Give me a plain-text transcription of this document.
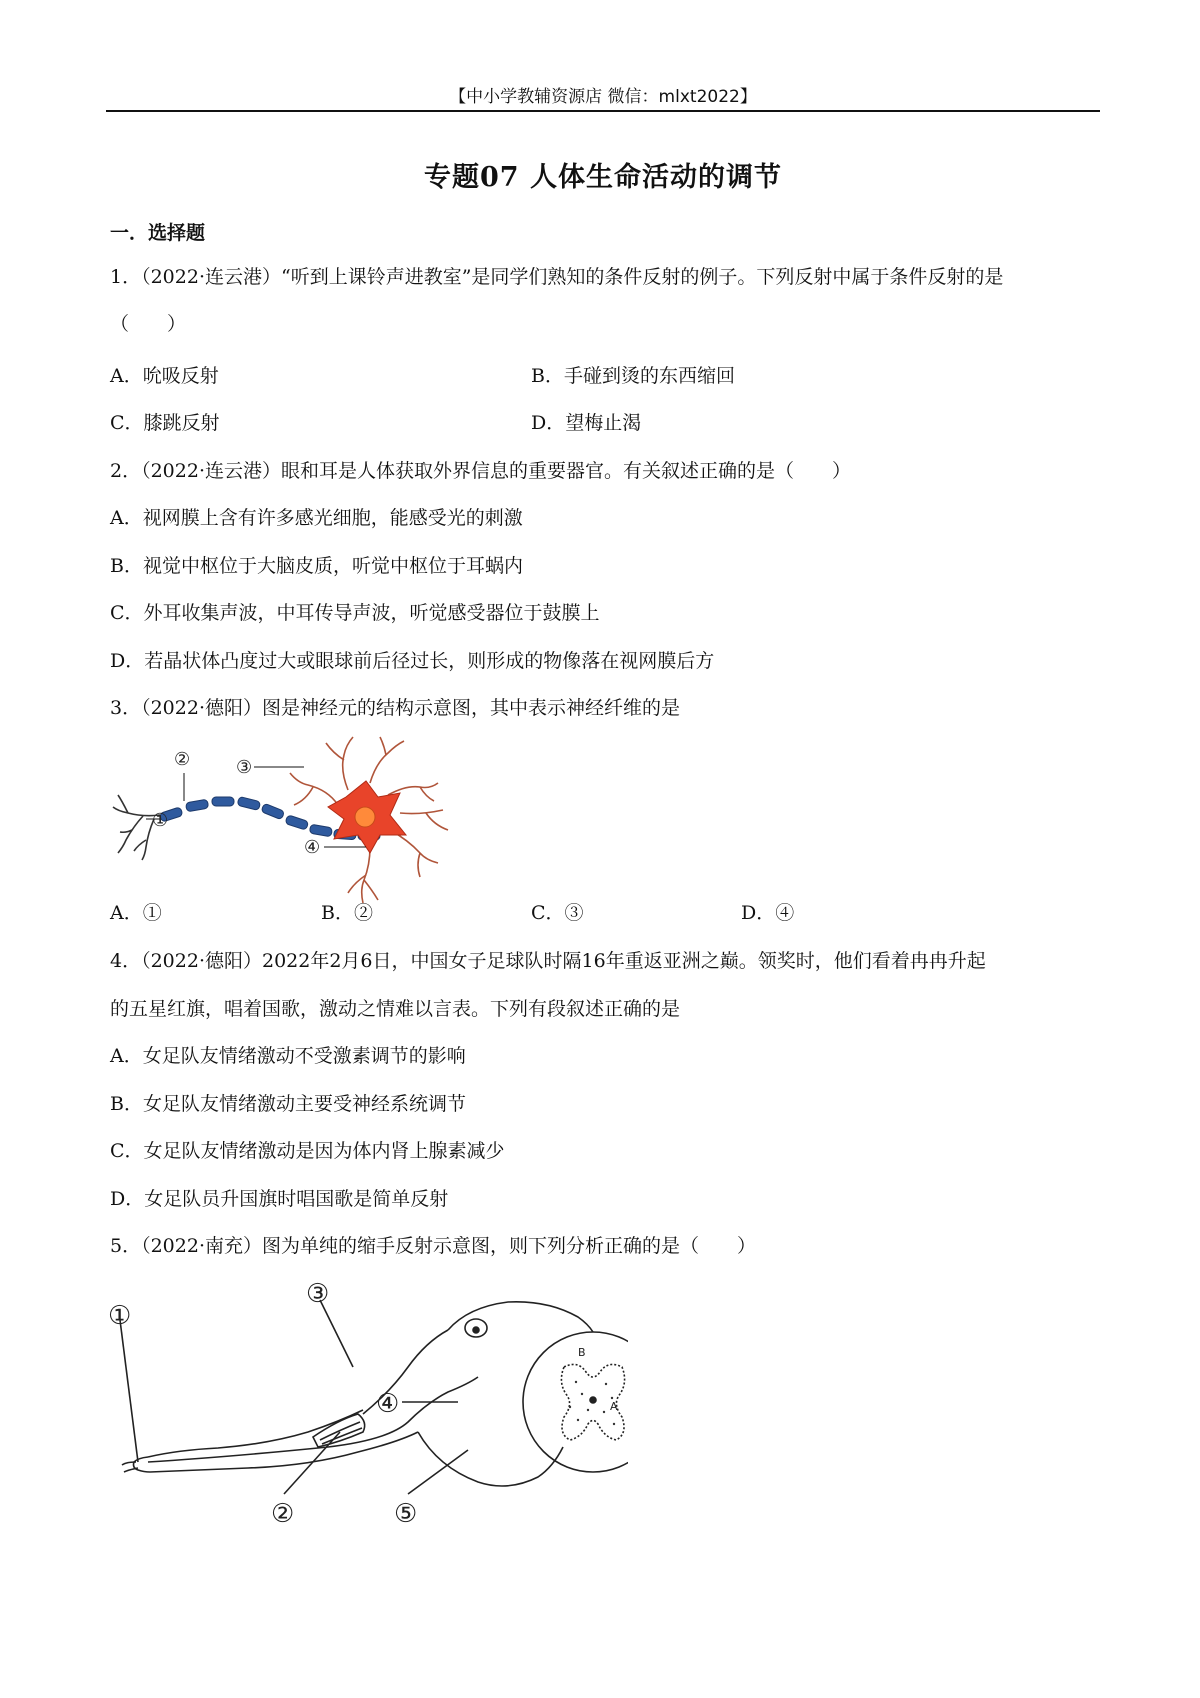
【中小学教辅资源店 微信：mlxt2022】
专题07 人体生命活动的调节
一．选择题
1．（2022·连云港）“听到上课铃声进教室”是同学们熟知的条件反射的例子。下列反射中属于条件反射的是
（　　）
A．吮吸反射	B．手碰到烫的东西缩回
C．膝跳反射	D．望梅止渴
2．（2022·连云港）眼和耳是人体获取外界信息的重要器官。有关叙述正确的是（　　）
A．视网膜上含有许多感光细胞，能感受光的刺激
B．视觉中枢位于大脑皮质，听觉中枢位于耳蜗内
C．外耳收集声波，中耳传导声波，听觉感受器位于鼓膜上
D．若晶状体凸度过大或眼球前后径过长，则形成的物像落在视网膜后方
3．（2022·德阳）图是神经元的结构示意图，其中表示神经纤维的是
①
②	③
④
A．①	B．②	C．③	D．④
4．（2022·德阳）2022年2月6日，中国女子足球队时隔16年重返亚洲之巅。领奖时，他们看着冉冉升起
的五星红旗，唱着国歌，激动之情难以言表。下列有段叙述正确的是
A．女足队友情绪激动不受激素调节的影响
B．女足队友情绪激动主要受神经系统调节
C．女足队友情绪激动是因为体内肾上腺素减少
D．女足队员升国旗时唱国歌是简单反射
5．（2022·南充）图为单纯的缩手反射示意图，则下列分析正确的是（　　）
①
②
③
④
⑤
A
B
